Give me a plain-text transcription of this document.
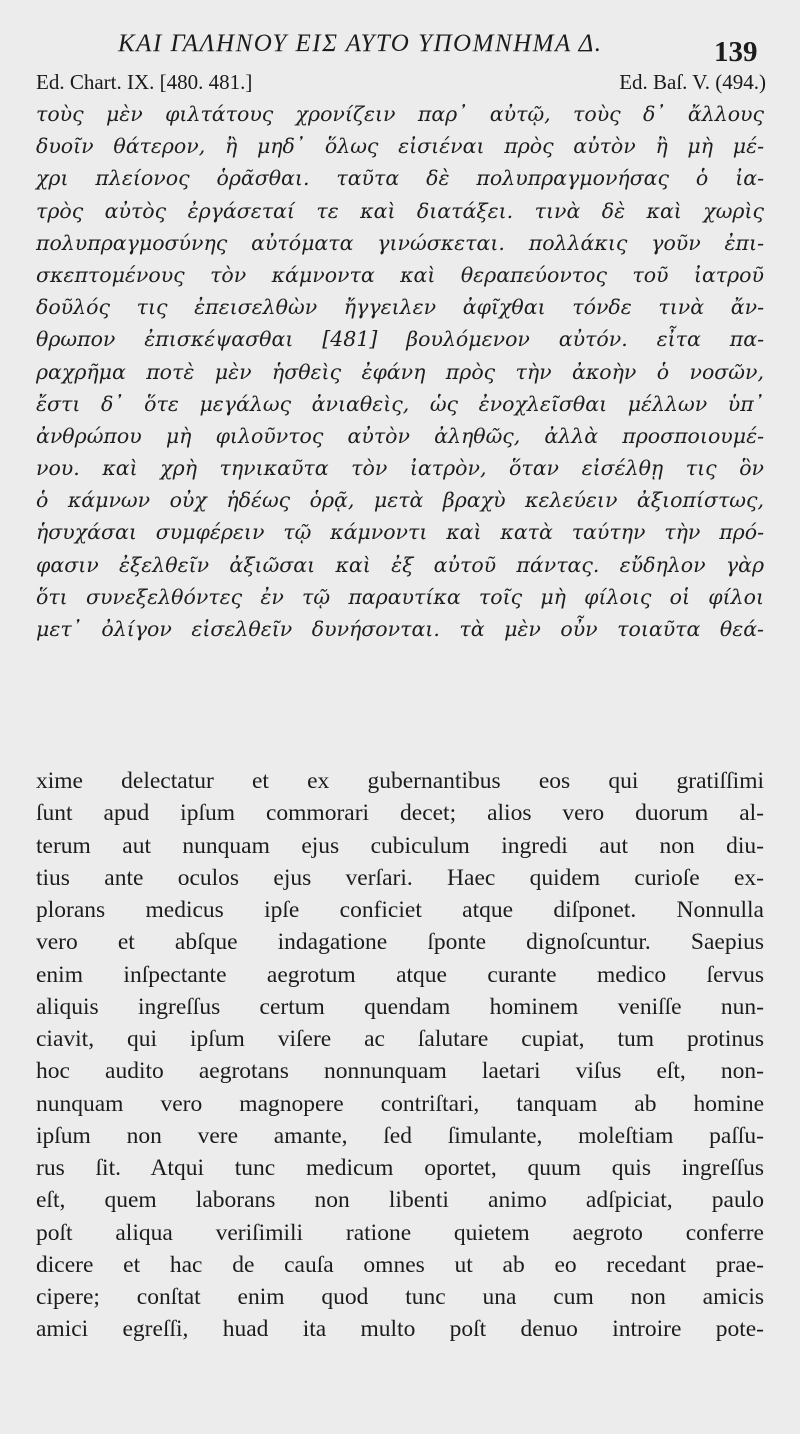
ΚΑΙ ΓΑΛΗΝΟΥ ΕΙΣ ΑΥΤΟ ΥΠΟΜΝΗΜΑ Δ.	139
Ed. Chart. IX. [480. 481.]	Ed. Baſ. V. (494.)
τοὺς μὲν φιλτάτους χρονίζειν παρ᾽ αὐτῷ, τοὺς δ᾽ ἄλλους
δυοῖν θάτερον, ἢ μηδ᾽ ὅλως εἰσιέναι πρὸς αὐτὸν ἢ μὴ μέ-
χρι πλείονος ὁρᾶσθαι. ταῦτα δὲ πολυπραγμονήσας ὁ ἰα-
τρὸς αὐτὸς ἐργάσεταί τε καὶ διατάξει. τινὰ δὲ καὶ χωρὶς
πολυπραγμοσύνης αὐτόματα γινώσκεται. πολλάκις γοῦν ἐπι-
σκεπτομένους τὸν κάμνοντα καὶ θεραπεύοντος τοῦ ἰατροῦ
δοῦλός τις ἐπεισελθὼν ἤγγειλεν ἀφῖχθαι τόνδε τινὰ ἄν-
θρωπον ἐπισκέψασθαι [481] βουλόμενον αὐτόν. εἶτα πα-
ραχρῆμα ποτὲ μὲν ἡσθεὶς ἐφάνη πρὸς τὴν ἀκοὴν ὁ νοσῶν,
ἔστι δ᾽ ὅτε μεγάλως ἀνιαθεὶς, ὡς ἐνοχλεῖσθαι μέλλων ὑπ᾽
ἀνθρώπου μὴ φιλοῦντος αὐτὸν ἀληθῶς, ἀλλὰ προσποιουμέ-
νου. καὶ χρὴ τηνικαῦτα τὸν ἰατρὸν, ὅταν εἰσέλθῃ τις ὃν
ὁ κάμνων οὐχ ἡδέως ὁρᾷ, μετὰ βραχὺ κελεύειν ἀξιοπίστως,
ἡσυχάσαι συμφέρειν τῷ κάμνοντι καὶ κατὰ ταύτην τὴν πρό-
φασιν ἐξελθεῖν ἀξιῶσαι καὶ ἐξ αὐτοῦ πάντας. εὔδηλον γὰρ
ὅτι συνεξελθόντες ἐν τῷ παραυτίκα τοῖς μὴ φίλοις οἱ φίλοι
μετ᾽ ὀλίγον εἰσελθεῖν δυνήσονται. τὰ μὲν οὖν τοιαῦτα θεά-
xime delectatur et ex gubernantibus eos qui gratiſſimi
ſunt apud ipſum commorari decet; alios vero duorum al-
terum aut nunquam ejus cubiculum ingredi aut non diu-
tius ante oculos ejus verſari. Haec quidem curioſe ex-
plorans medicus ipſe conficiet atque diſponet. Nonnulla
vero et abſque indagatione ſponte dignoſcuntur. Saepius
enim inſpectante aegrotum atque curante medico ſervus
aliquis ingreſſus certum quendam hominem veniſſe nun-
ciavit, qui ipſum viſere ac ſalutare cupiat, tum protinus
hoc audito aegrotans nonnunquam laetari viſus eſt, non-
nunquam vero magnopere contriſtari, tanquam ab homine
ipſum non vere amante, ſed ſimulante, moleſtiam paſſu-
rus ſit. Atqui tunc medicum oportet, quum quis ingreſſus
eſt, quem laborans non libenti animo adſpiciat, paulo
poſt aliqua veriſimili ratione quietem aegroto conferre
dicere et hac de cauſa omnes ut ab eo recedant prae-
cipere; conſtat enim quod tunc una cum non amicis
amici egreſſi, huad ita multo poſt denuo introire pote-
